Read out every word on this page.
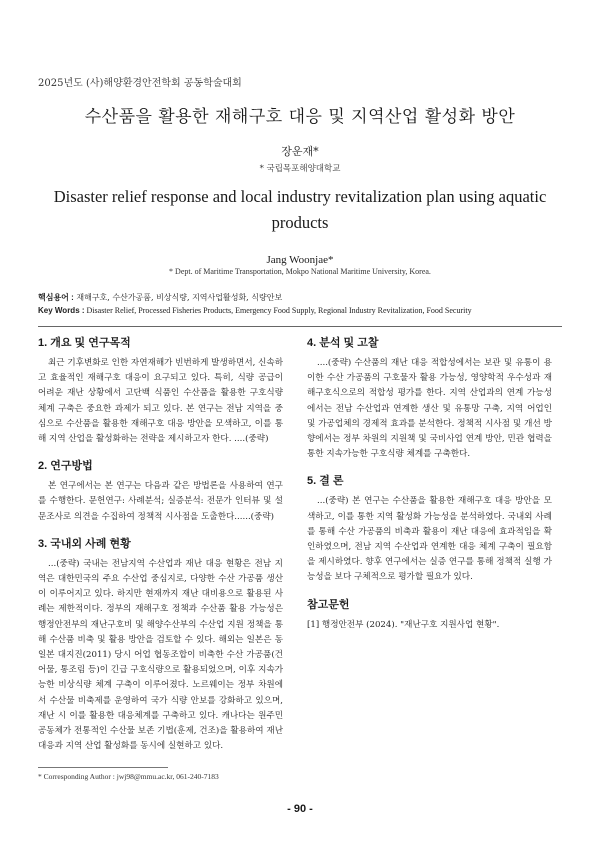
2025년도 (사)해양환경안전학회 공동학술대회
수산품을 활용한 재해구호 대응 및 지역산업 활성화 방안
장운재*
* 국립목포해양대학교
Disaster relief response and local industry revitalization plan using aquatic products
Jang Woonjae*
* Dept. of Maritime Transportation, Mokpo National Maritime University, Korea.
핵심용어 : 재해구호, 수산가공품, 비상식량, 지역사업활성화, 식량안보
Key Words : Disaster Relief, Processed Fisheries Products, Emergency Food Supply, Regional Industry Revitalization, Food Security
1. 개요 및 연구목적

최근 기후변화로 인한 자연재해가 빈번하게 발생하면서, 신속하고 효율적인 재해구호 대응이 요구되고 있다. 특히, 식량 공급이 어려운 재난 상황에서 고단백 식품인 수산품을 활용한 구호식량 체계 구축은 중요한 과제가 되고 있다. 본 연구는 전남 지역을 중심으로 수산품을 활용한 재해구호 대응 방안을 모색하고, 이를 통해 지역 산업을 활성화하는 전략을 제시하고자 한다. ....(중략)

2. 연구방법

본 연구에서는 본 연구는 다음과 같은 방법론을 사용하여 연구를 수행한다. 문헌연구: 사례분석; 실증분석: 전문가 인터뷰 및 설문조사로 의견을 수집하여 정책적 시사점을 도출한다......(중략)

3. 국내외 사례 현황

...(중략) 국내는 전남지역 수산업과 재난 대응 현황은 전남 지역은 대한민국의 주요 수산업 중심지로, 다양한 수산 가공품 생산이 이루어지고 있다. 하지만 현재까지 재난 대비용으로 활용된 사례는 제한적이다. 정부의 재해구호 정책과 수산품 활용 가능성은 행정안전부의 재난구호비 및 해양수산부의 수산업 지원 정책을 통해 수산품 비축 및 활용 방안을 검토할 수 있다. 해외는 일본은 동일본 대지진(2011) 당시 어업 협동조합이 비축한 수산 가공품(건어물, 통조림 등)이 긴급 구호식량으로 활용되었으며, 이후 지속가능한 비상식량 체계 구축이 이루어졌다. 노르웨이는 정부 차원에서 수산물 비축제를 운영하여 국가 식량 안보를 강화하고 있으며, 재난 시 이를 활용한 대응체계를 구축하고 있다. 캐나다는 원주민 공동체가 전통적인 수산물 보존 기법(훈제, 건조)을 활용하여 재난 대응과 지역 산업 활성화를 동시에 실현하고 있다.

4. 분석 및 고찰

....(중략) 수산품의 재난 대응 적합성에서는 보관 및 유통이 용이한 수산 가공품의 구호물자 활용 가능성, 영양학적 우수성과 재해구호식으로의 적합성 평가를 한다. 지역 산업과의 연계 가능성에서는 전남 수산업과 연계한 생산 및 유통망 구축, 지역 어업인 및 가공업체의 경제적 효과를 분석한다. 정책적 시사점 및 개선 방향에서는 정부 차원의 지원책 및 국비사업 연계 방안, 민관 협력을 통한 지속가능한 구호식량 체계를 구축한다.

5. 결 론

...(중략) 본 연구는 수산품을 활용한 재해구호 대응 방안을 모색하고, 이를 통한 지역 활성화 가능성을 분석하였다. 국내외 사례를 통해 수산 가공품의 비축과 활용이 재난 대응에 효과적임을 확인하였으며, 전남 지역 수산업과 연계한 대응 체계 구축이 필요함을 제시하였다. 향후 연구에서는 실증 연구를 통해 정책적 실행 가능성을 보다 구체적으로 평가할 필요가 있다.

참고문헌

[1] 행정안전부 (2024). "재난구호 지원사업 현황".

* Corresponding Author : jwj98@mmu.ac.kr, 061-240-7183
- 90 -
